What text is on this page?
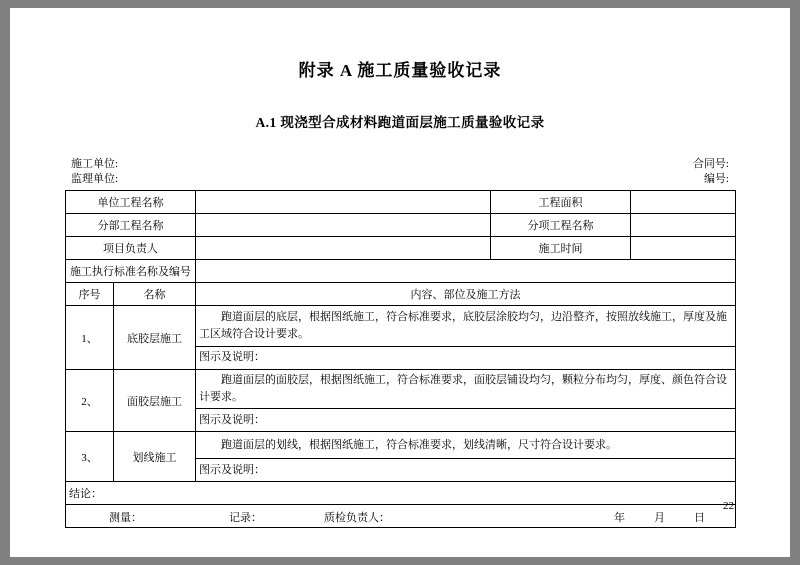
附录 A 施工质量验收记录
A.1 现浇型合成材料跑道面层施工质量验收记录
施工单位:	合同号:
监理单位:	编号:
单位工程名称			工程面积	
分部工程名称			分项工程名称	
项目负责人			施工时间	
施工执行标准名称及编号				
序号	名称	内容、部位及施工方法		
1、	底胶层施工	跑道面层的底层，根据图纸施工，符合标准要求，底胶层涂胶均匀，边沿整齐，按照放线施工，厚度及施工区域符合设计要求。		
		图示及说明：		
2、	面胶层施工	跑道面层的面胶层，根据图纸施工，符合标准要求，面胶层铺设均匀，颗粒分布均匀，厚度、颜色符合设计要求。		
		图示及说明：		
3、	划线施工	跑道面层的划线，根据图纸施工，符合标准要求，划线清晰，尺寸符合设计要求。		
		图示及说明：		
结论：				

测量：	记录：	质检负责人：	年	月	日
22
